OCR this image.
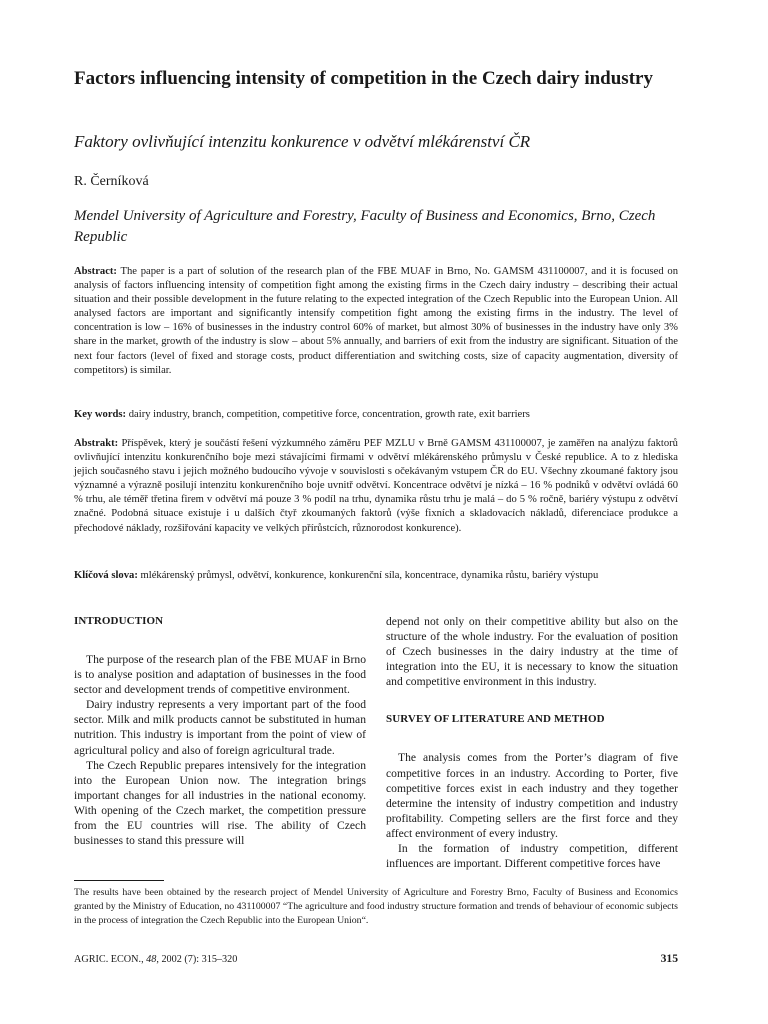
Factors influencing intensity of competition in the Czech dairy industry

Faktory ovlivňující intenzitu konkurence v odvětví mlékárenství ČR

R. Černíková

Mendel University of Agriculture and Forestry, Faculty of Business and Economics, Brno, Czech Republic

Abstract: The paper is a part of solution of the research plan of the FBE MUAF in Brno, No. GAMSM 431100007, and it is focused on analysis of factors influencing intensity of competition fight among the existing firms in the Czech dairy industry – describing their actual situation and their possible development in the future relating to the expected integration of the Czech Republic into the European Union. All analysed factors are important and significantly intensify competition fight among the existing firms in the industry. The level of concentration is low – 16% of businesses in the industry control 60% of market, but almost 30% of businesses in the industry have only 3% share in the market, growth of the industry is slow – about 5% annually, and barriers of exit from the industry are significant. Situation of the next four factors (level of fixed and storage costs, product differentiation and switching costs, size of capacity augmentation, diversity of competitors) is similar.

Key words: dairy industry, branch, competition, competitive force, concentration, growth rate, exit barriers

Abstrakt: Příspěvek, který je součástí řešení výzkumného záměru PEF MZLU v Brně GAMSM 431100007, je zaměřen na analýzu faktorů ovlivňující intenzitu konkurenčního boje mezi stávajícími firmami v odvětví mlékárenského průmyslu v České republice. A to z hlediska jejich současného stavu i jejich možného budoucího vývoje v souvislosti s očekávaným vstupem ČR do EU. Všechny zkoumané faktory jsou významné a výrazně posilují intenzitu konkurenčního boje uvnitř odvětví. Koncentrace odvětví je nízká – 16 % podniků v odvětví ovládá 60 % trhu, ale téměř třetina firem v odvětví má pouze 3 % podíl na trhu, dynamika růstu trhu je malá – do 5 % ročně, bariéry výstupu z odvětví značné. Podobná situace existuje i u dalších čtyř zkoumaných faktorů (výše fixních a skladovacích nákladů, diferenciace produkce a přechodové náklady, rozšiřování kapacity ve velkých přírůstcích, různorodost konkurence).

Klíčová slova: mlékárenský průmysl, odvětví, konkurence, konkurenční síla, koncentrace, dynamika růstu, bariéry výstupu

INTRODUCTION

The purpose of the research plan of the FBE MUAF in Brno is to analyse position and adaptation of businesses in the food sector and development trends of competitive environment.

Dairy industry represents a very important part of the food sector. Milk and milk products cannot be substituted in human nutrition. This industry is important from the point of view of agricultural policy and also of foreign agricultural trade.

The Czech Republic prepares intensively for the integration into the European Union now. The integration brings important changes for all industries in the national economy. With opening of the Czech market, the competition pressure from the EU countries will rise. The ability of Czech businesses to stand this pressure will

depend not only on their competitive ability but also on the structure of the whole industry. For the evaluation of position of Czech businesses in the dairy industry at the time of integration into the EU, it is necessary to know the situation and competitive environment in this industry.

SURVEY OF LITERATURE AND METHOD

The analysis comes from the Porter’s diagram of five competitive forces in an industry. According to Porter, five competitive forces exist in each industry and they together determine the intensity of industry competition and industry profitability. Competing sellers are the first force and they affect environment of every industry.

In the formation of industry competition, different influences are important. Different competitive forces have

The results have been obtained by the research project of Mendel University of Agriculture and Forestry Brno, Faculty of Business and Economics granted by the Ministry of Education, no 431100007 “The agriculture and food industry structure formation and trends of behaviour of economic subjects in the process of integration the Czech Republic into the European Union“.

AGRIC. ECON., 48, 2002 (7): 315–320	315
